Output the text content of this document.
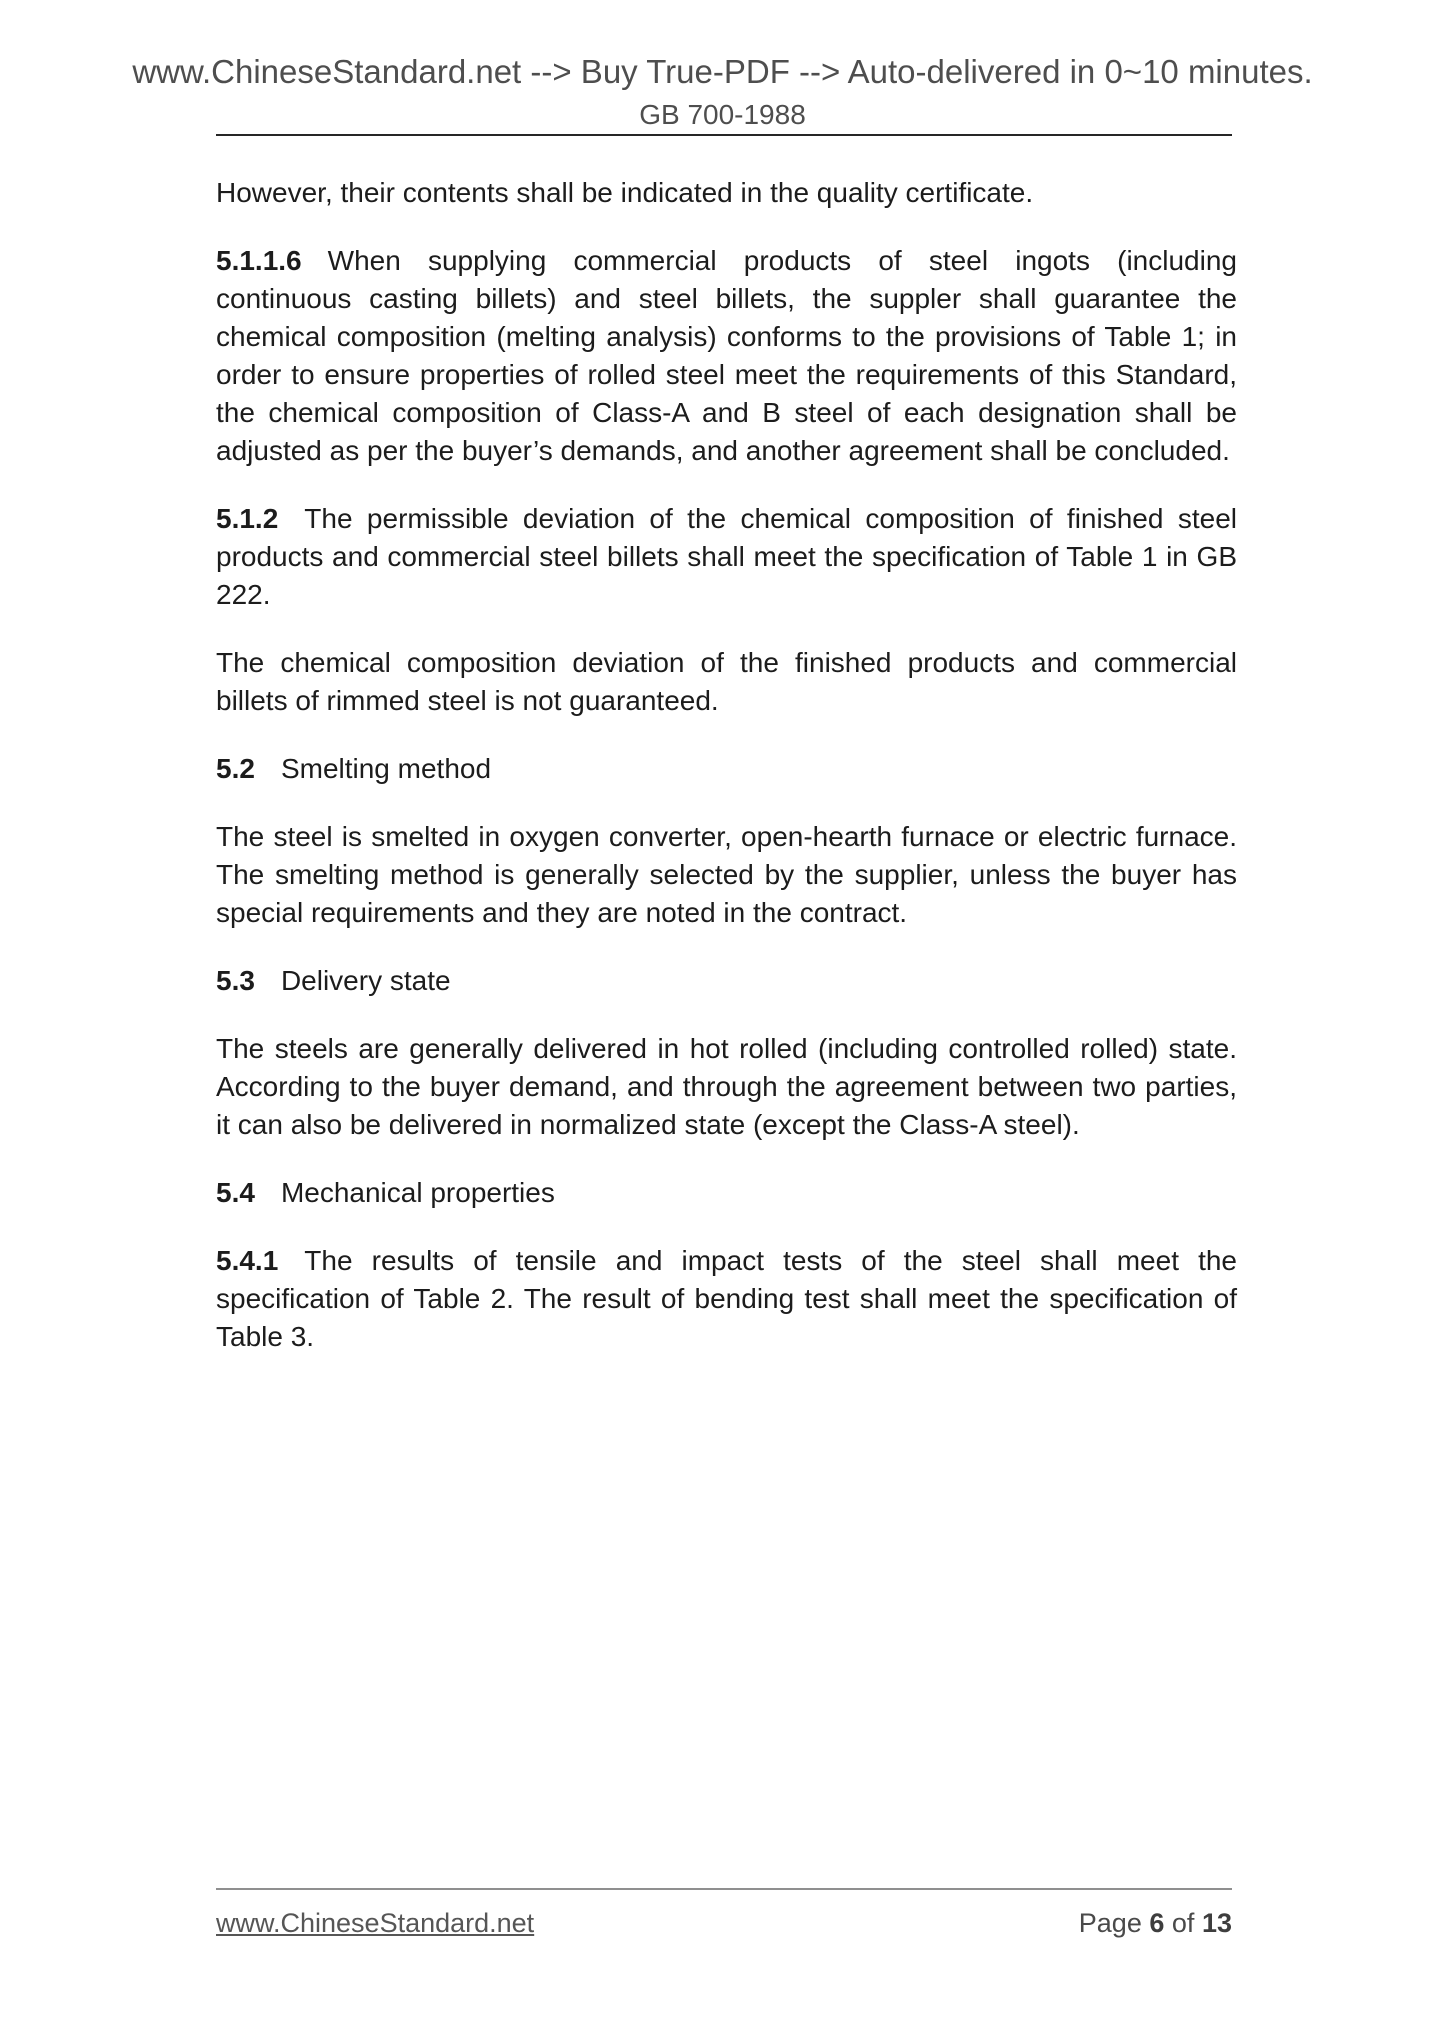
www.ChineseStandard.net --> Buy True-PDF --> Auto-delivered in 0~10 minutes.
GB 700-1988

However, their contents shall be indicated in the quality certificate.

5.1.1.6 When supplying commercial products of steel ingots (including continuous casting billets) and steel billets, the suppler shall guarantee the chemical composition (melting analysis) conforms to the provisions of Table 1; in order to ensure properties of rolled steel meet the requirements of this Standard, the chemical composition of Class-A and B steel of each designation shall be adjusted as per the buyer’s demands, and another agreement shall be concluded.

5.1.2 The permissible deviation of the chemical composition of finished steel products and commercial steel billets shall meet the specification of Table 1 in GB 222.

The chemical composition deviation of the finished products and commercial billets of rimmed steel is not guaranteed.

5.2 Smelting method

The steel is smelted in oxygen converter, open-hearth furnace or electric furnace. The smelting method is generally selected by the supplier, unless the buyer has special requirements and they are noted in the contract.

5.3 Delivery state

The steels are generally delivered in hot rolled (including controlled rolled) state. According to the buyer demand, and through the agreement between two parties, it can also be delivered in normalized state (except the Class-A steel).

5.4 Mechanical properties

5.4.1 The results of tensile and impact tests of the steel shall meet the specification of Table 2. The result of bending test shall meet the specification of Table 3.

www.ChineseStandard.net	Page 6 of 13
